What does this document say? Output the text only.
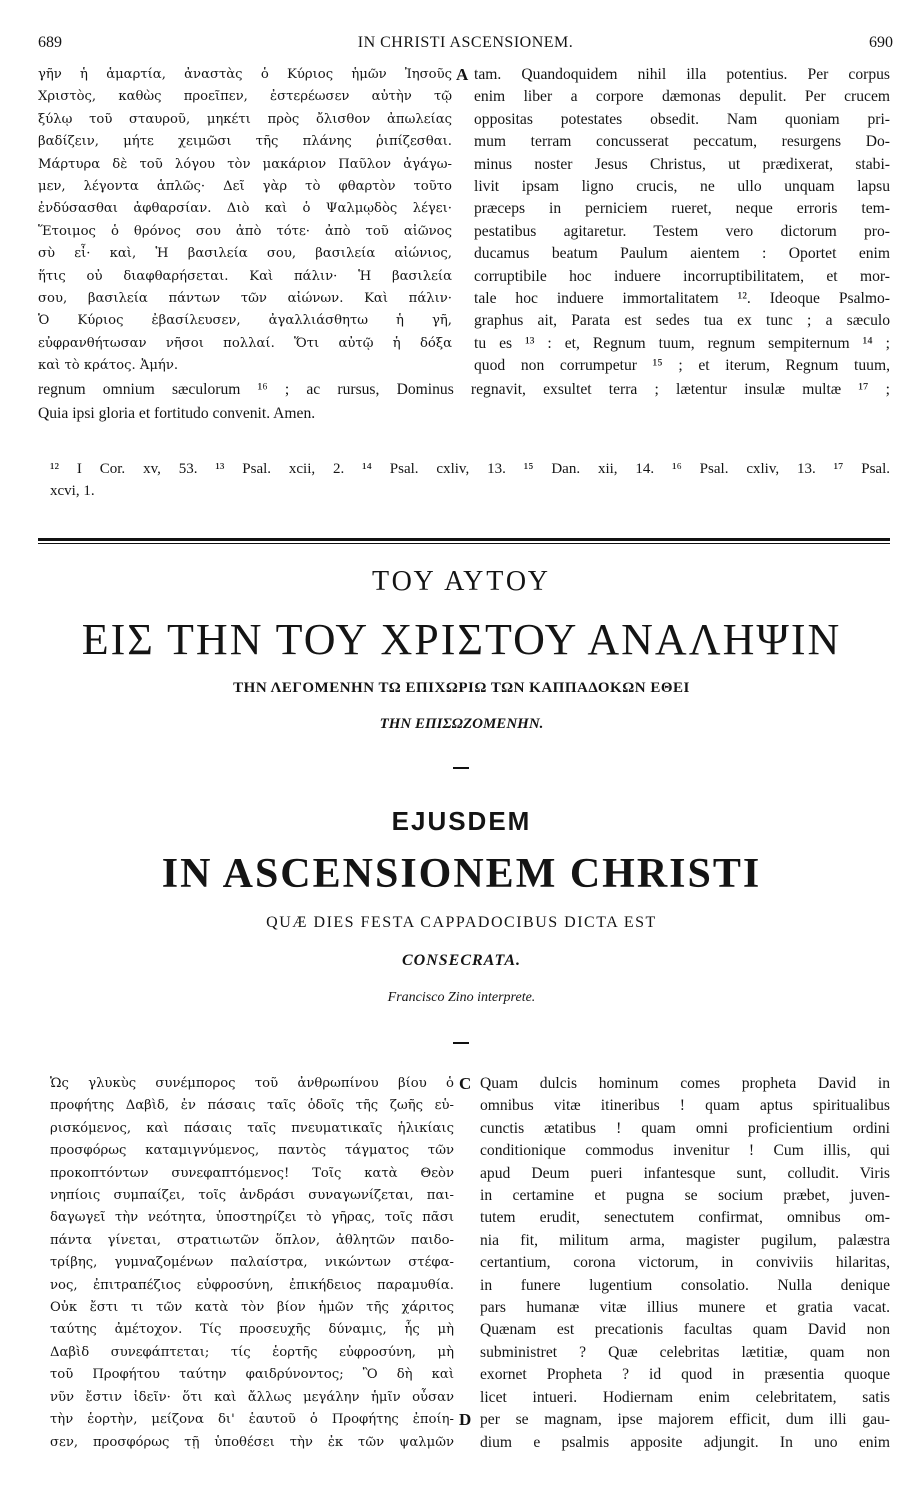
689	IN CHRISTI ASCENSIONEM.	690
γῆν ἡ ἁμαρτία, ἀναστὰς ὁ Κύριος ἡμῶν Ἰησοῦς
Χριστὸς, καθὼς προεῖπεν, ἐστερέωσεν αὐτὴν τῷ
ξύλῳ τοῦ σταυροῦ, μηκέτι πρὸς ὄλισθον ἀπωλείας
βαδίζειν, μήτε χειμῶσι τῆς πλάνης ῥιπίζεσθαι.
Μάρτυρα δὲ τοῦ λόγου τὸν μακάριον Παῦλον ἀγάγω-
μεν, λέγοντα ἁπλῶς· Δεῖ γὰρ τὸ φθαρτὸν τοῦτο
ἐνδύσασθαι ἀφθαρσίαν. Διὸ καὶ ὁ Ψαλμῳδὸς λέγει·
Ἕτοιμος ὁ θρόνος σου ἀπὸ τότε· ἀπὸ τοῦ αἰῶνος
σὺ εἶ· καὶ, Ἡ βασιλεία σου, βασιλεία αἰώνιος,
ἥτις οὐ διαφθαρήσεται. Καὶ πάλιν· Ἡ βασιλεία
σου, βασιλεία πάντων τῶν αἰώνων. Καὶ πάλιν·
Ὁ Κύριος ἐβασίλευσεν, ἀγαλλιάσθητω ἡ γῆ,
εὐφρανθήτωσαν νῆσοι πολλαί. Ὅτι αὐτῷ ἡ δόξα
καὶ τὸ κράτος. Ἀμήν.
A tam. Quandoquidem nihil illa potentius. Per corpus
enim liber a corpore dæmonas depulit. Per crucem
oppositas potestates obsedit. Nam quoniam pri-
mum terram concusserat peccatum, resurgens Do-
minus noster Jesus Christus, ut prædixerat, stabi-
livit ipsam ligno crucis, ne ullo unquam lapsu
præceps in perniciem rueret, neque erroris tem-
pestatibus agitaretur. Testem vero dictorum pro-
ducamus beatum Paulum aientem : Oportet enim
corruptibile hoc induere incorruptibilitatem, et mor-
tale hoc induere immortalitatem ¹². Ideoque Psalmo-
graphus ait, Parata est sedes tua ex tunc ; a sæculo
tu es ¹³ : et, Regnum tuum, regnum sempiternum ¹⁴ ;
quod non corrumpetur ¹⁵ ; et iterum, Regnum tuum,
regnum omnium sæculorum ¹⁶ ; ac rursus, Dominus regnavit, exsultet terra ; lætentur insulæ multæ ¹⁷ ;
Quia ipsi gloria et fortitudo convenit. Amen.
¹² I Cor. xv, 53. ¹³ Psal. xcii, 2. ¹⁴ Psal. cxliv, 13. ¹⁵ Dan. xii, 14. ¹⁶ Psal. cxliv, 13. ¹⁷ Psal.
xcvi, 1.
ΤΟΥ ΑΥΤΟΥ
ΕΙΣ ΤΗΝ ΤΟΥ ΧΡΙΣΤΟΥ ΑΝΑΛΗΨΙΝ
ΤΗΝ ΛΕΓΟΜΕΝΗΝ ΤΩ ΕΠΙΧΩΡΙΩ ΤΩΝ ΚΑΠΠΑΔΟΚΩΝ ΕΘΕΙ
ΤΗΝ ΕΠΙΣΩΖΟΜΕΝΗΝ.
EJUSDEM
IN ASCENSIONEM CHRISTI
QUÆ DIES FESTA CAPPADOCIBUS DICTA EST
CONSECRATA.
Francisco Zino interprete.
Ὡς γλυκὺς συνέμπορος τοῦ ἀνθρωπίνου βίου ὁ
προφήτης Δαβὶδ, ἐν πάσαις ταῖς ὁδοῖς τῆς ζωῆς εὑ-
ρισκόμενος, καὶ πάσαις ταῖς πνευματικαῖς ἡλικίαις
προσφόρως καταμιγνύμενος, παντὸς τάγματος τῶν
προκοπτόντων συνεφαπτόμενος! Τοῖς κατὰ Θεὸν
νηπίοις συμπαίζει, τοῖς ἀνδράσι συναγωνίζεται, παι-
δαγωγεῖ τὴν νεότητα, ὑποστηρίζει τὸ γῆρας, τοῖς πᾶσι
πάντα γίνεται, στρατιωτῶν ὅπλον, ἀθλητῶν παιδο-
τρίβης, γυμναζομένων παλαίστρα, νικώντων στέφα-
νος, ἐπιτραπέζιος εὐφροσύνη, ἐπικήδειος παραμυθία.
Οὐκ ἔστι τι τῶν κατὰ τὸν βίον ἡμῶν τῆς χάριτος
ταύτης ἀμέτοχον. Τίς προσευχῆς δύναμις, ἧς μὴ
Δαβὶδ συνεφάπτεται; τίς ἑορτῆς εὐφροσύνη, μὴ
τοῦ Προφήτου ταύτην φαιδρύνοντος; Ὃ δὴ καὶ
νῦν ἔστιν ἰδεῖν· ὅτι καὶ ἄλλως μεγάλην ἡμῖν οὖσαν
τὴν ἑορτὴν, μείζονα δι' ἑαυτοῦ ὁ Προφήτης ἐποίη-
σεν, προσφόρως τῇ ὑποθέσει τὴν ἐκ τῶν ψαλμῶν
C
D
Quam dulcis hominum comes propheta David in
omnibus vitæ itineribus ! quam aptus spiritualibus
cunctis ætatibus ! quam omni proficientium ordini
conditionique commodus invenitur ! Cum illis, qui
apud Deum pueri infantesque sunt, colludit. Viris
in certamine et pugna se socium præbet, juven-
tutem erudit, senectutem confirmat, omnibus om-
nia fit, militum arma, magister pugilum, palæstra
certantium, corona victorum, in conviviis hilaritas,
in funere lugentium consolatio. Nulla denique
pars humanæ vitæ illius munere et gratia vacat.
Quænam est precationis facultas quam David non
subministret ? Quæ celebritas lætitiæ, quam non
exornet Propheta ? id quod in præsentia quoque
licet intueri. Hodiernam enim celebritatem, satis
per se magnam, ipse majorem efficit, dum illi gau-
dium e psalmis apposite adjungit. In uno enim
